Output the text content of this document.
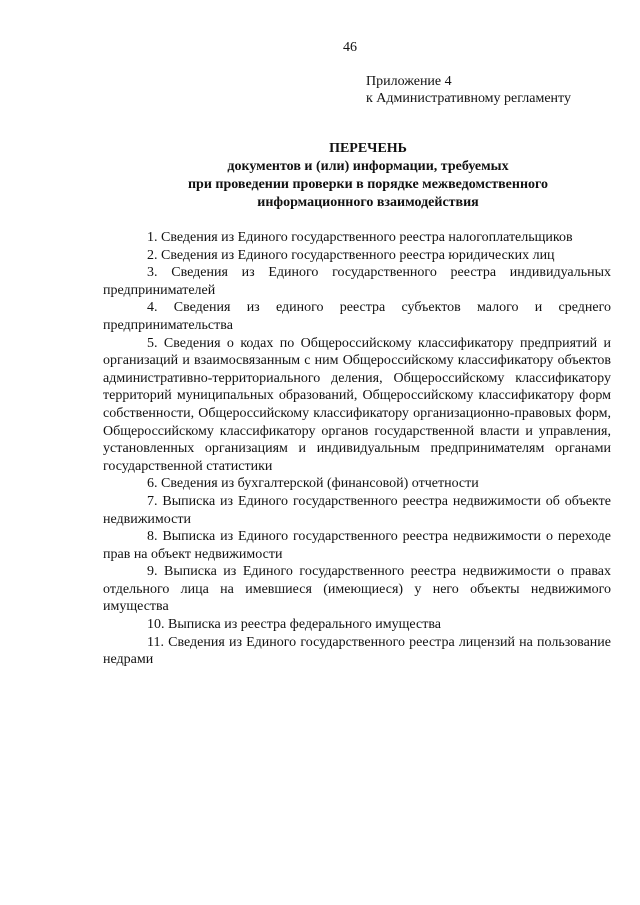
46
Приложение 4
к Административному регламенту
ПЕРЕЧЕНЬ
документов и (или) информации, требуемых
при проведении проверки в порядке межведомственного
информационного взаимодействия

1. Сведения из Единого государственного реестра налогоплательщиков

2. Сведения из Единого государственного реестра юридических лиц

3. Сведения из Единого государственного реестра индивидуальных предпринимателей

4. Сведения из единого реестра субъектов малого и среднего предпринимательства

5. Сведения о кодах по Общероссийскому классификатору предприятий и организаций и взаимосвязанным с ним Общероссийскому классификатору объектов административно-территориального деления, Общероссийскому классификатору территорий муниципальных образований, Общероссийскому классификатору форм собственности, Общероссийскому классификатору организационно-правовых форм, Общероссийскому классификатору органов государственной власти и управления, установленных организациям и индивидуальным предпринимателям органами государственной статистики

6. Сведения из бухгалтерской (финансовой) отчетности

7. Выписка из Единого государственного реестра недвижимости об объекте недвижимости

8. Выписка из Единого государственного реестра недвижимости о переходе прав на объект недвижимости

9. Выписка из Единого государственного реестра недвижимости о правах отдельного лица на имевшиеся (имеющиеся) у него объекты недвижимого имущества

10. Выписка из реестра федерального имущества

11. Сведения из Единого государственного реестра лицензий на пользование недрами
